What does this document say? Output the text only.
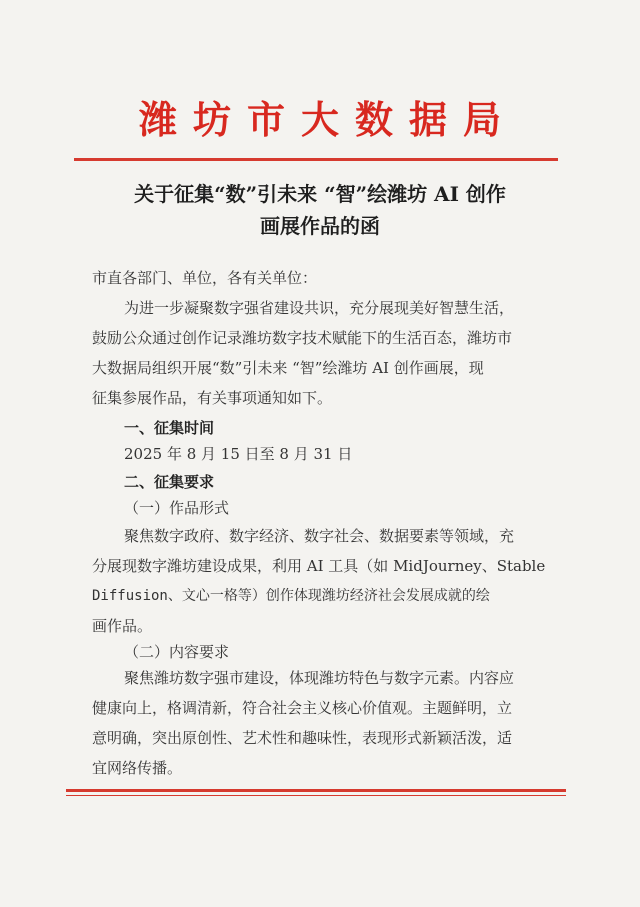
潍坊市大数据局
关于征集“数”引未来 “智”绘潍坊 AI 创作
画展作品的函
市直各部门、单位，各有关单位：
为进一步凝聚数字强省建设共识，充分展现美好智慧生活，
鼓励公众通过创作记录潍坊数字技术赋能下的生活百态，潍坊市
大数据局组织开展“数”引未来 “智”绘潍坊 AI 创作画展，现
征集参展作品，有关事项通知如下。
一、征集时间
2025 年 8 月 15 日至 8 月 31 日
二、征集要求
（一）作品形式
聚焦数字政府、数字经济、数字社会、数据要素等领域，充
分展现数字潍坊建设成果，利用 AI 工具（如 MidJourney、Stable
Diffusion、文心一格等）创作体现潍坊经济社会发展成就的绘
画作品。
（二）内容要求
聚焦潍坊数字强市建设，体现潍坊特色与数字元素。内容应
健康向上，格调清新，符合社会主义核心价值观。主题鲜明，立
意明确，突出原创性、艺术性和趣味性，表现形式新颖活泼，适
宜网络传播。
